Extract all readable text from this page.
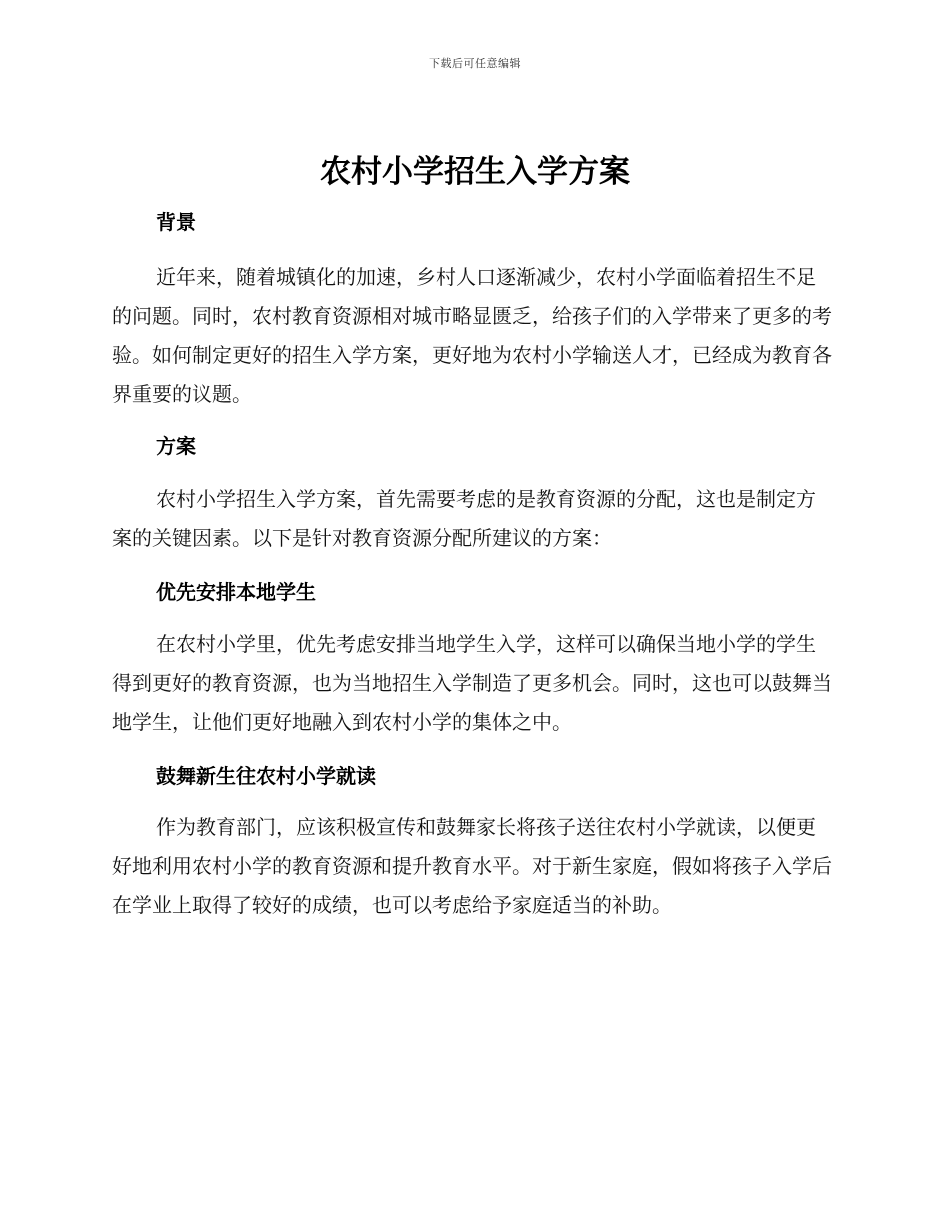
下载后可任意编辑
农村小学招生入学方案
背景

近年来，随着城镇化的加速，乡村人口逐渐减少，农村小学面临着招生不足的问题。同时，农村教育资源相对城市略显匮乏，给孩子们的入学带来了更多的考验。如何制定更好的招生入学方案，更好地为农村小学输送人才，已经成为教育各界重要的议题。

方案

农村小学招生入学方案，首先需要考虑的是教育资源的分配，这也是制定方案的关键因素。以下是针对教育资源分配所建议的方案：

优先安排本地学生

在农村小学里，优先考虑安排当地学生入学，这样可以确保当地小学的学生得到更好的教育资源，也为当地招生入学制造了更多机会。同时，这也可以鼓舞当地学生，让他们更好地融入到农村小学的集体之中。

鼓舞新生往农村小学就读

作为教育部门，应该积极宣传和鼓舞家长将孩子送往农村小学就读，以便更好地利用农村小学的教育资源和提升教育水平。对于新生家庭，假如将孩子入学后在学业上取得了较好的成绩，也可以考虑给予家庭适当的补助。
